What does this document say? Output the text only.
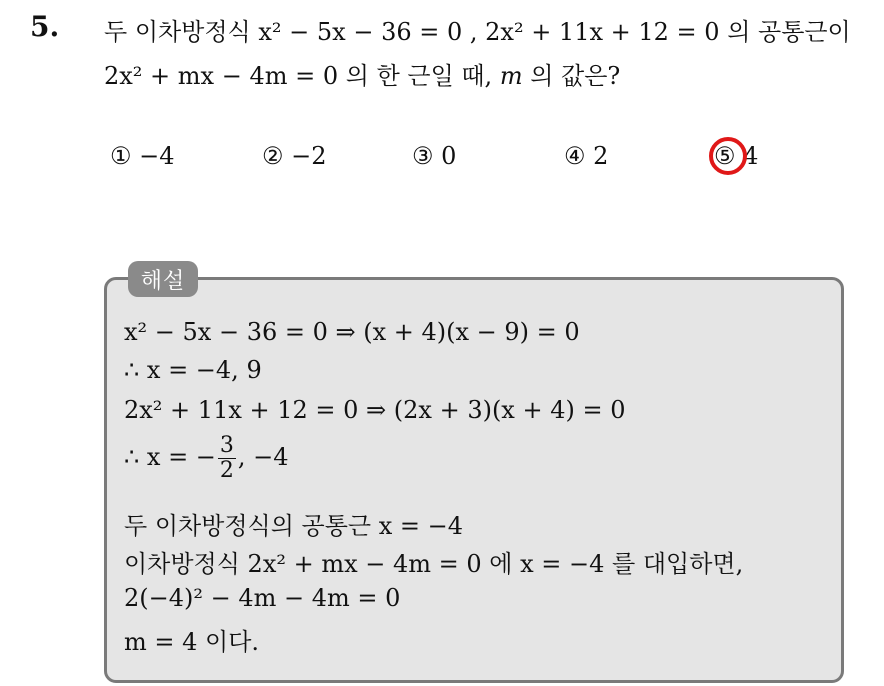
5. 두 이차방정식 x² − 5x − 36 = 0 , 2x² + 11x + 12 = 0 의 공통근이
2x² + mx − 4m = 0 의 한 근일 때, m 의 값은?
① −4	② −2	③ 0	④ 2	⑤ 4
해설
x² − 5x − 36 = 0 ⇒ (x + 4)(x − 9) = 0
∴ x = −4, 9
2x² + 11x + 12 = 0 ⇒ (2x + 3)(x + 4) = 0
∴ x = − $\frac{3}{2}$ , −4
두 이차방정식의 공통근 x = −4
이차방정식 2x² + mx − 4m = 0 에 x = −4 를 대입하면,
2(−4)² − 4m − 4m = 0
m = 4 이다.
